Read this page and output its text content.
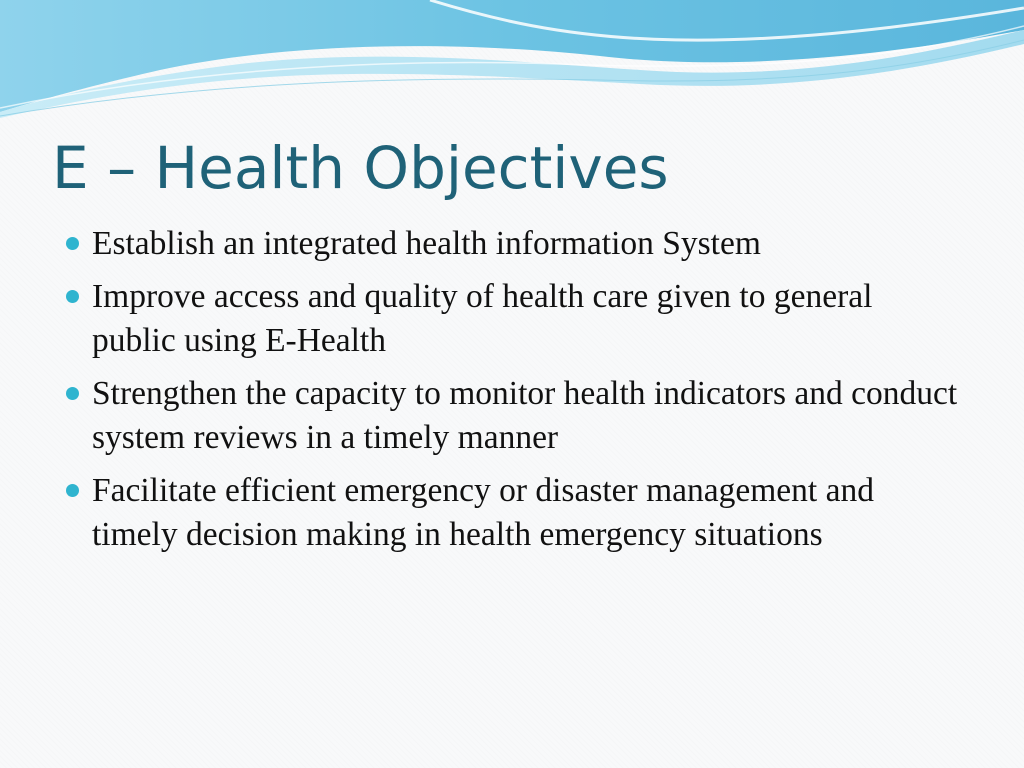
E – Health Objectives
Establish an integrated health information System
Improve access and quality of health care given to general public using E-Health
Strengthen the capacity to monitor health indicators and conduct system reviews in a timely manner
Facilitate efficient emergency or disaster management and timely decision making in health emergency situations
